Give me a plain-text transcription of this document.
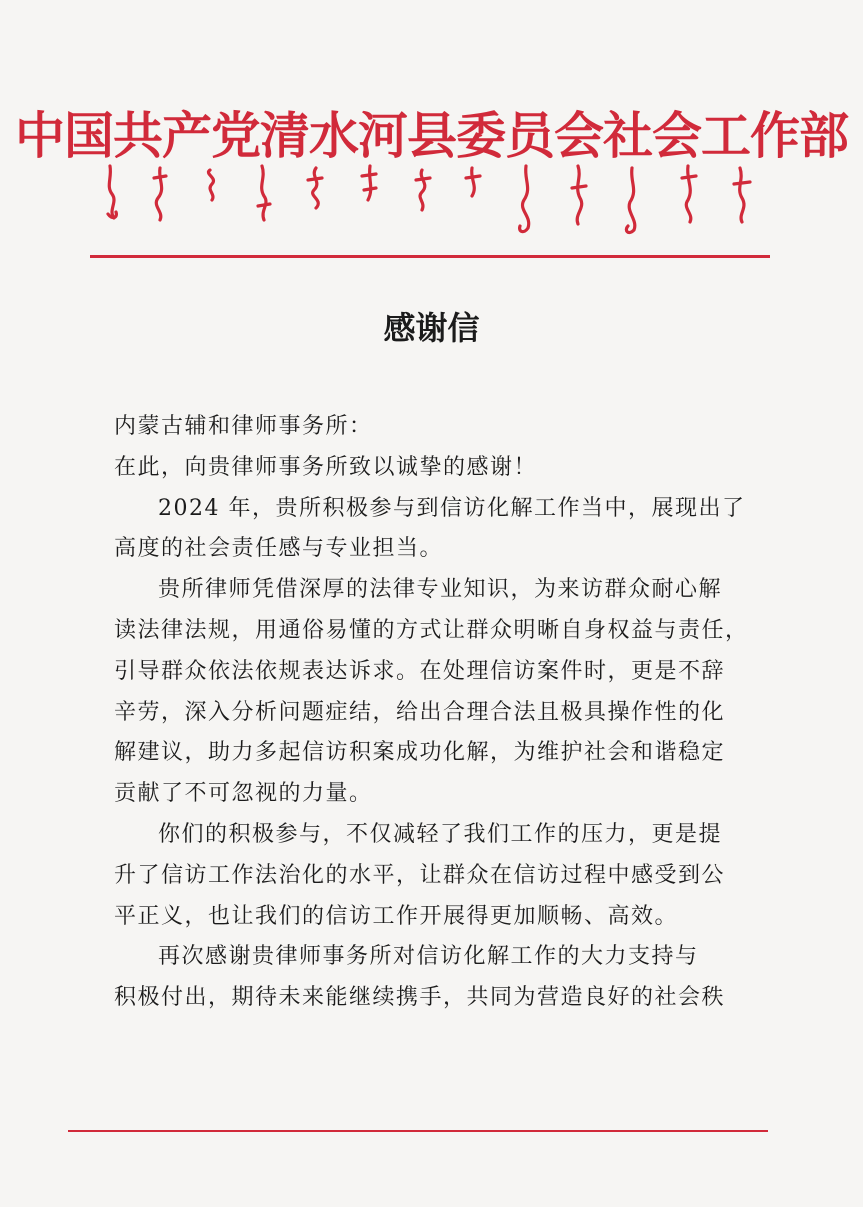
中国共产党清水河县委员会社会工作部
感谢信

内蒙古辅和律师事务所：

在此，向贵律师事务所致以诚挚的感谢！

2024 年，贵所积极参与到信访化解工作当中，展现出了
高度的社会责任感与专业担当。

贵所律师凭借深厚的法律专业知识，为来访群众耐心解
读法律法规，用通俗易懂的方式让群众明晰自身权益与责任，
引导群众依法依规表达诉求。在处理信访案件时，更是不辞
辛劳，深入分析问题症结，给出合理合法且极具操作性的化
解建议，助力多起信访积案成功化解，为维护社会和谐稳定
贡献了不可忽视的力量。

你们的积极参与，不仅减轻了我们工作的压力，更是提
升了信访工作法治化的水平，让群众在信访过程中感受到公
平正义，也让我们的信访工作开展得更加顺畅、高效。

再次感谢贵律师事务所对信访化解工作的大力支持与
积极付出，期待未来能继续携手，共同为营造良好的社会秩
